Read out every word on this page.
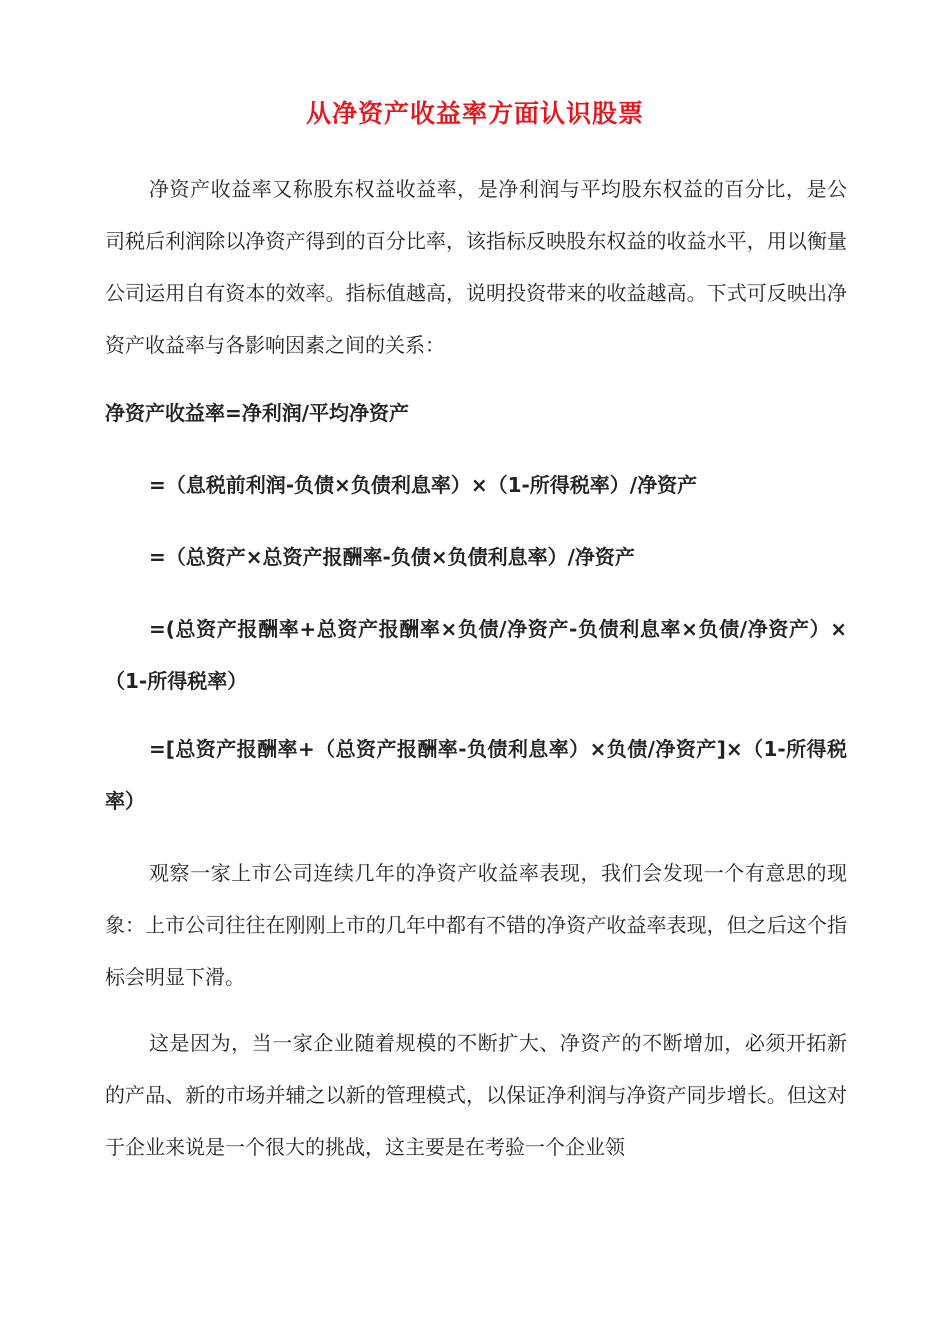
从净资产收益率方面认识股票

净资产收益率又称股东权益收益率，是净利润与平均股东权益的百分比，是公司税后利润除以净资产得到的百分比率，该指标反映股东权益的收益水平，用以衡量公司运用自有资本的效率。指标值越高，说明投资带来的收益越高。下式可反映出净资产收益率与各影响因素之间的关系：

净资产收益率=净利润/平均净资产

=（息税前利润-负债×负债利息率）×（1-所得税率）/净资产

=（总资产×总资产报酬率-负债×负债利息率）/净资产

=(总资产报酬率+总资产报酬率×负债/净资产-负债利息率×负债/净资产）×（1-所得税率）

=[总资产报酬率+（总资产报酬率-负债利息率）×负债/净资产]×（1-所得税率）

观察一家上市公司连续几年的净资产收益率表现，我们会发现一个有意思的现象：上市公司往往在刚刚上市的几年中都有不错的净资产收益率表现，但之后这个指标会明显下滑。

这是因为，当一家企业随着规模的不断扩大、净资产的不断增加，必须开拓新的产品、新的市场并辅之以新的管理模式，以保证净利润与净资产同步增长。但这对于企业来说是一个很大的挑战，这主要是在考验一个企业领
